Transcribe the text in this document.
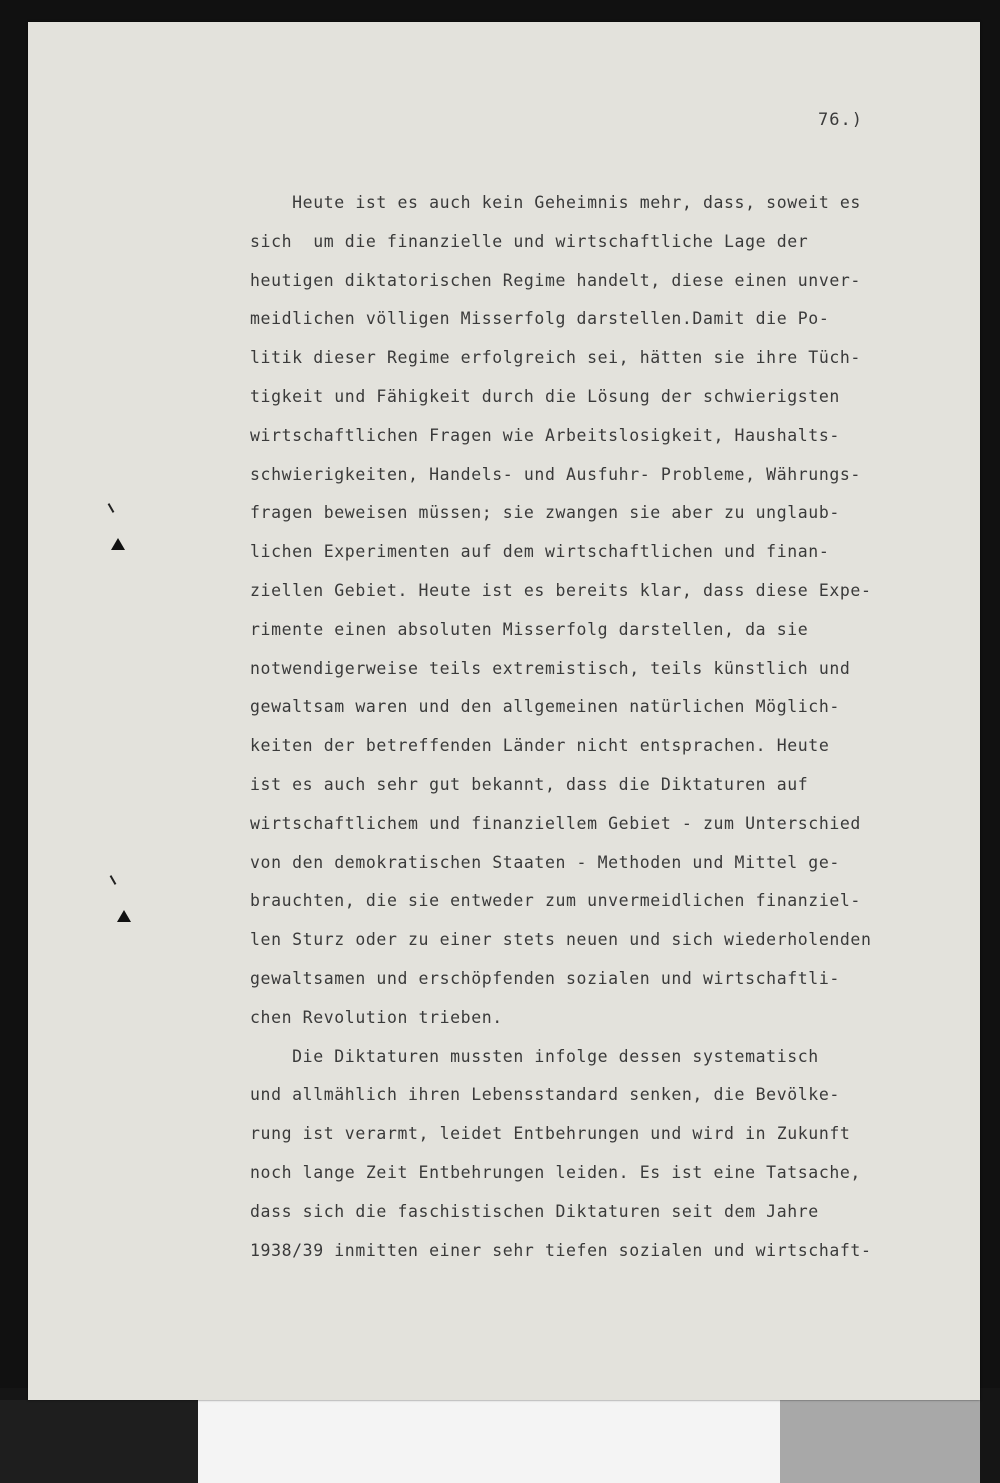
76.)
Heute ist es auch kein Geheimnis mehr, dass, soweit es
sich  um die finanzielle und wirtschaftliche Lage der
heutigen diktatorischen Regime handelt, diese einen unver-
meidlichen völligen Misserfolg darstellen.Damit die Po-
litik dieser Regime erfolgreich sei, hätten sie ihre Tüch-
tigkeit und Fähigkeit durch die Lösung der schwierigsten
wirtschaftlichen Fragen wie Arbeitslosigkeit, Haushalts-
schwierigkeiten, Handels- und Ausfuhr- Probleme, Währungs-
fragen beweisen müssen; sie zwangen sie aber zu unglaub-
lichen Experimenten auf dem wirtschaftlichen und finan-
ziellen Gebiet. Heute ist es bereits klar, dass diese Expe-
rimente einen absoluten Misserfolg darstellen, da sie
notwendigerweise teils extremistisch, teils künstlich und
gewaltsam waren und den allgemeinen natürlichen Möglich-
keiten der betreffenden Länder nicht entsprachen. Heute
ist es auch sehr gut bekannt, dass die Diktaturen auf
wirtschaftlichem und finanziellem Gebiet - zum Unterschied
von den demokratischen Staaten - Methoden und Mittel ge-
brauchten, die sie entweder zum unvermeidlichen finanziel-
len Sturz oder zu einer stets neuen und sich wiederholenden
gewaltsamen und erschöpfenden sozialen und wirtschaftli-
chen Revolution trieben.
Die Diktaturen mussten infolge dessen systematisch
und allmählich ihren Lebensstandard senken, die Bevölke-
rung ist verarmt, leidet Entbehrungen und wird in Zukunft
noch lange Zeit Entbehrungen leiden. Es ist eine Tatsache,
dass sich die faschistischen Diktaturen seit dem Jahre
1938/39 inmitten einer sehr tiefen sozialen und wirtschaft-
